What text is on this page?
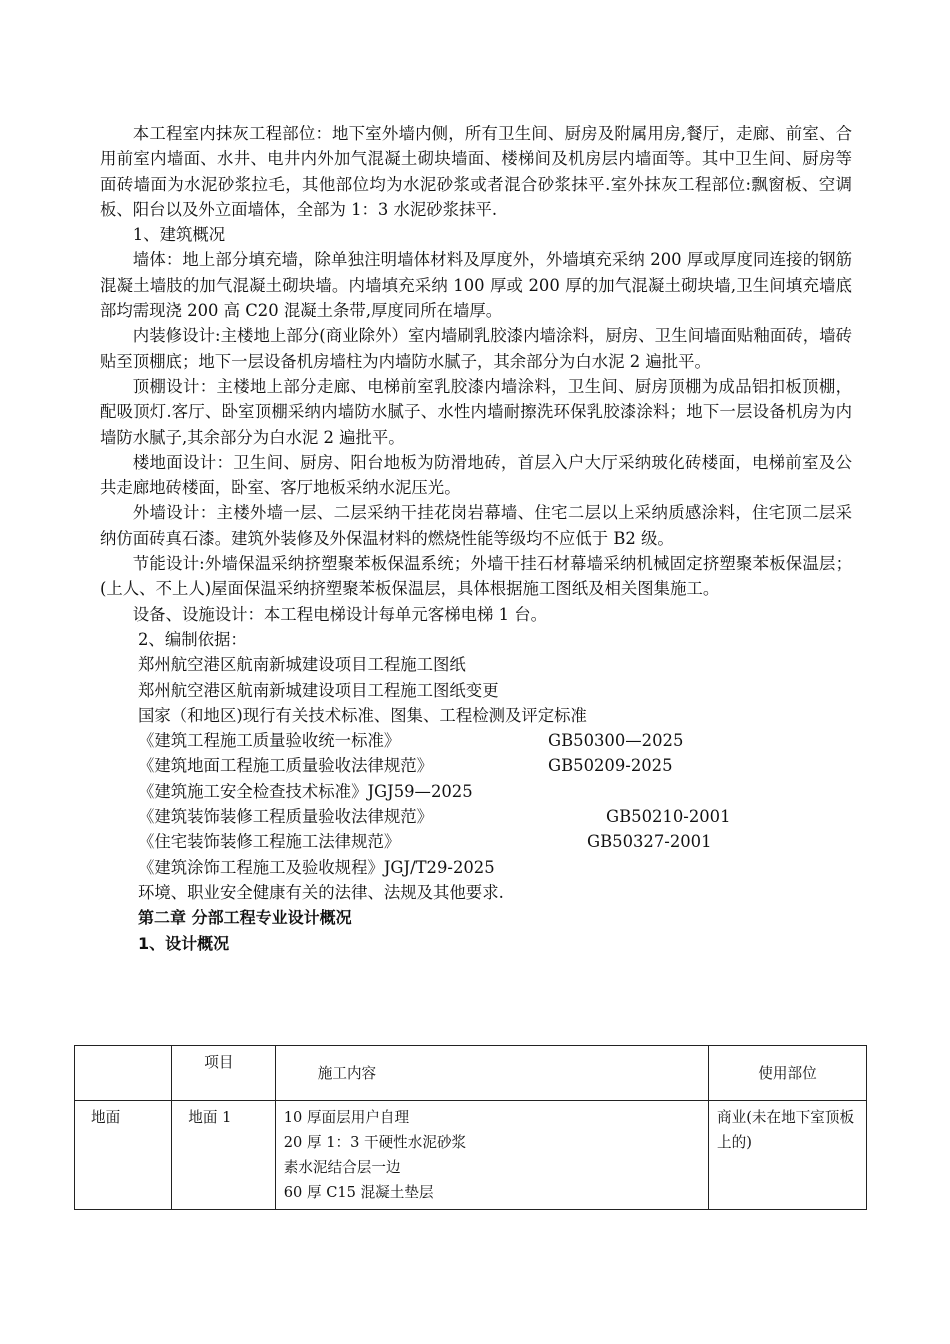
本工程室内抹灰工程部位：地下室外墙内侧，所有卫生间、厨房及附属用房,餐厅，走廊、前室、合用前室内墙面、水井、电井内外加气混凝土砌块墙面、楼梯间及机房层内墙面等。其中卫生间、厨房等面砖墙面为水泥砂浆拉毛，其他部位均为水泥砂浆或者混合砂浆抹平.室外抹灰工程部位:飘窗板、空调板、阳台以及外立面墙体，全部为 1：3 水泥砂浆抹平.

1、建筑概况

墙体：地上部分填充墙，除单独注明墙体材料及厚度外，外墙填充采纳 200 厚或厚度同连接的钢筋混凝土墙肢的加气混凝土砌块墙。内墙填充采纳 100 厚或 200 厚的加气混凝土砌块墙,卫生间填充墙底部均需现浇 200 高 C20 混凝土条带,厚度同所在墙厚。

内装修设计:主楼地上部分(商业除外）室内墙刷乳胶漆内墙涂料，厨房、卫生间墙面贴釉面砖，墙砖贴至顶棚底；地下一层设备机房墙柱为内墙防水腻子，其余部分为白水泥 2 遍批平。

顶棚设计：主楼地上部分走廊、电梯前室乳胶漆内墙涂料，卫生间、厨房顶棚为成品铝扣板顶棚，配吸顶灯.客厅、卧室顶棚采纳内墙防水腻子、水性内墙耐擦洗环保乳胶漆涂料；地下一层设备机房为内墙防水腻子,其余部分为白水泥 2 遍批平。

楼地面设计：卫生间、厨房、阳台地板为防滑地砖，首层入户大厅采纳玻化砖楼面，电梯前室及公共走廊地砖楼面，卧室、客厅地板采纳水泥压光。

外墙设计：主楼外墙一层、二层采纳干挂花岗岩幕墙、住宅二层以上采纳质感涂料，住宅顶二层采纳仿面砖真石漆。建筑外装修及外保温材料的燃烧性能等级均不应低于 B2 级。

节能设计:外墙保温采纳挤塑聚苯板保温系统；外墙干挂石材幕墙采纳机械固定挤塑聚苯板保温层；(上人、不上人)屋面保温采纳挤塑聚苯板保温层，具体根据施工图纸及相关图集施工。

设备、设施设计：本工程电梯设计每单元客梯电梯 1 台。

2、编制依据：

郑州航空港区航南新城建设项目工程施工图纸

郑州航空港区航南新城建设项目工程施工图纸变更

国家（和地区)现行有关技术标准、图集、工程检测及评定标准

《建筑工程施工质量验收统一标准》	GB50300—2025

《建筑地面工程施工质量验收法律规范》	GB50209-2025

《建筑施工安全检查技术标准》JGJ59—2025

《建筑装饰装修工程质量验收法律规范》	GB50210-2001

《住宅装饰装修工程施工法律规范》	GB50327-2001

《建筑涂饰工程施工及验收规程》JGJ/T29-2025

环境、职业安全健康有关的法律、法规及其他要求.

第二章 分部工程专业设计概况

1、设计概况

	项目	施工内容	使用部位
地面	地面 1	10 厚面层用户自理
20 厚 1：3 干硬性水泥砂浆
素水泥结合层一边
60 厚 C15 混凝土垫层	商业(未在地下室顶板上的)
